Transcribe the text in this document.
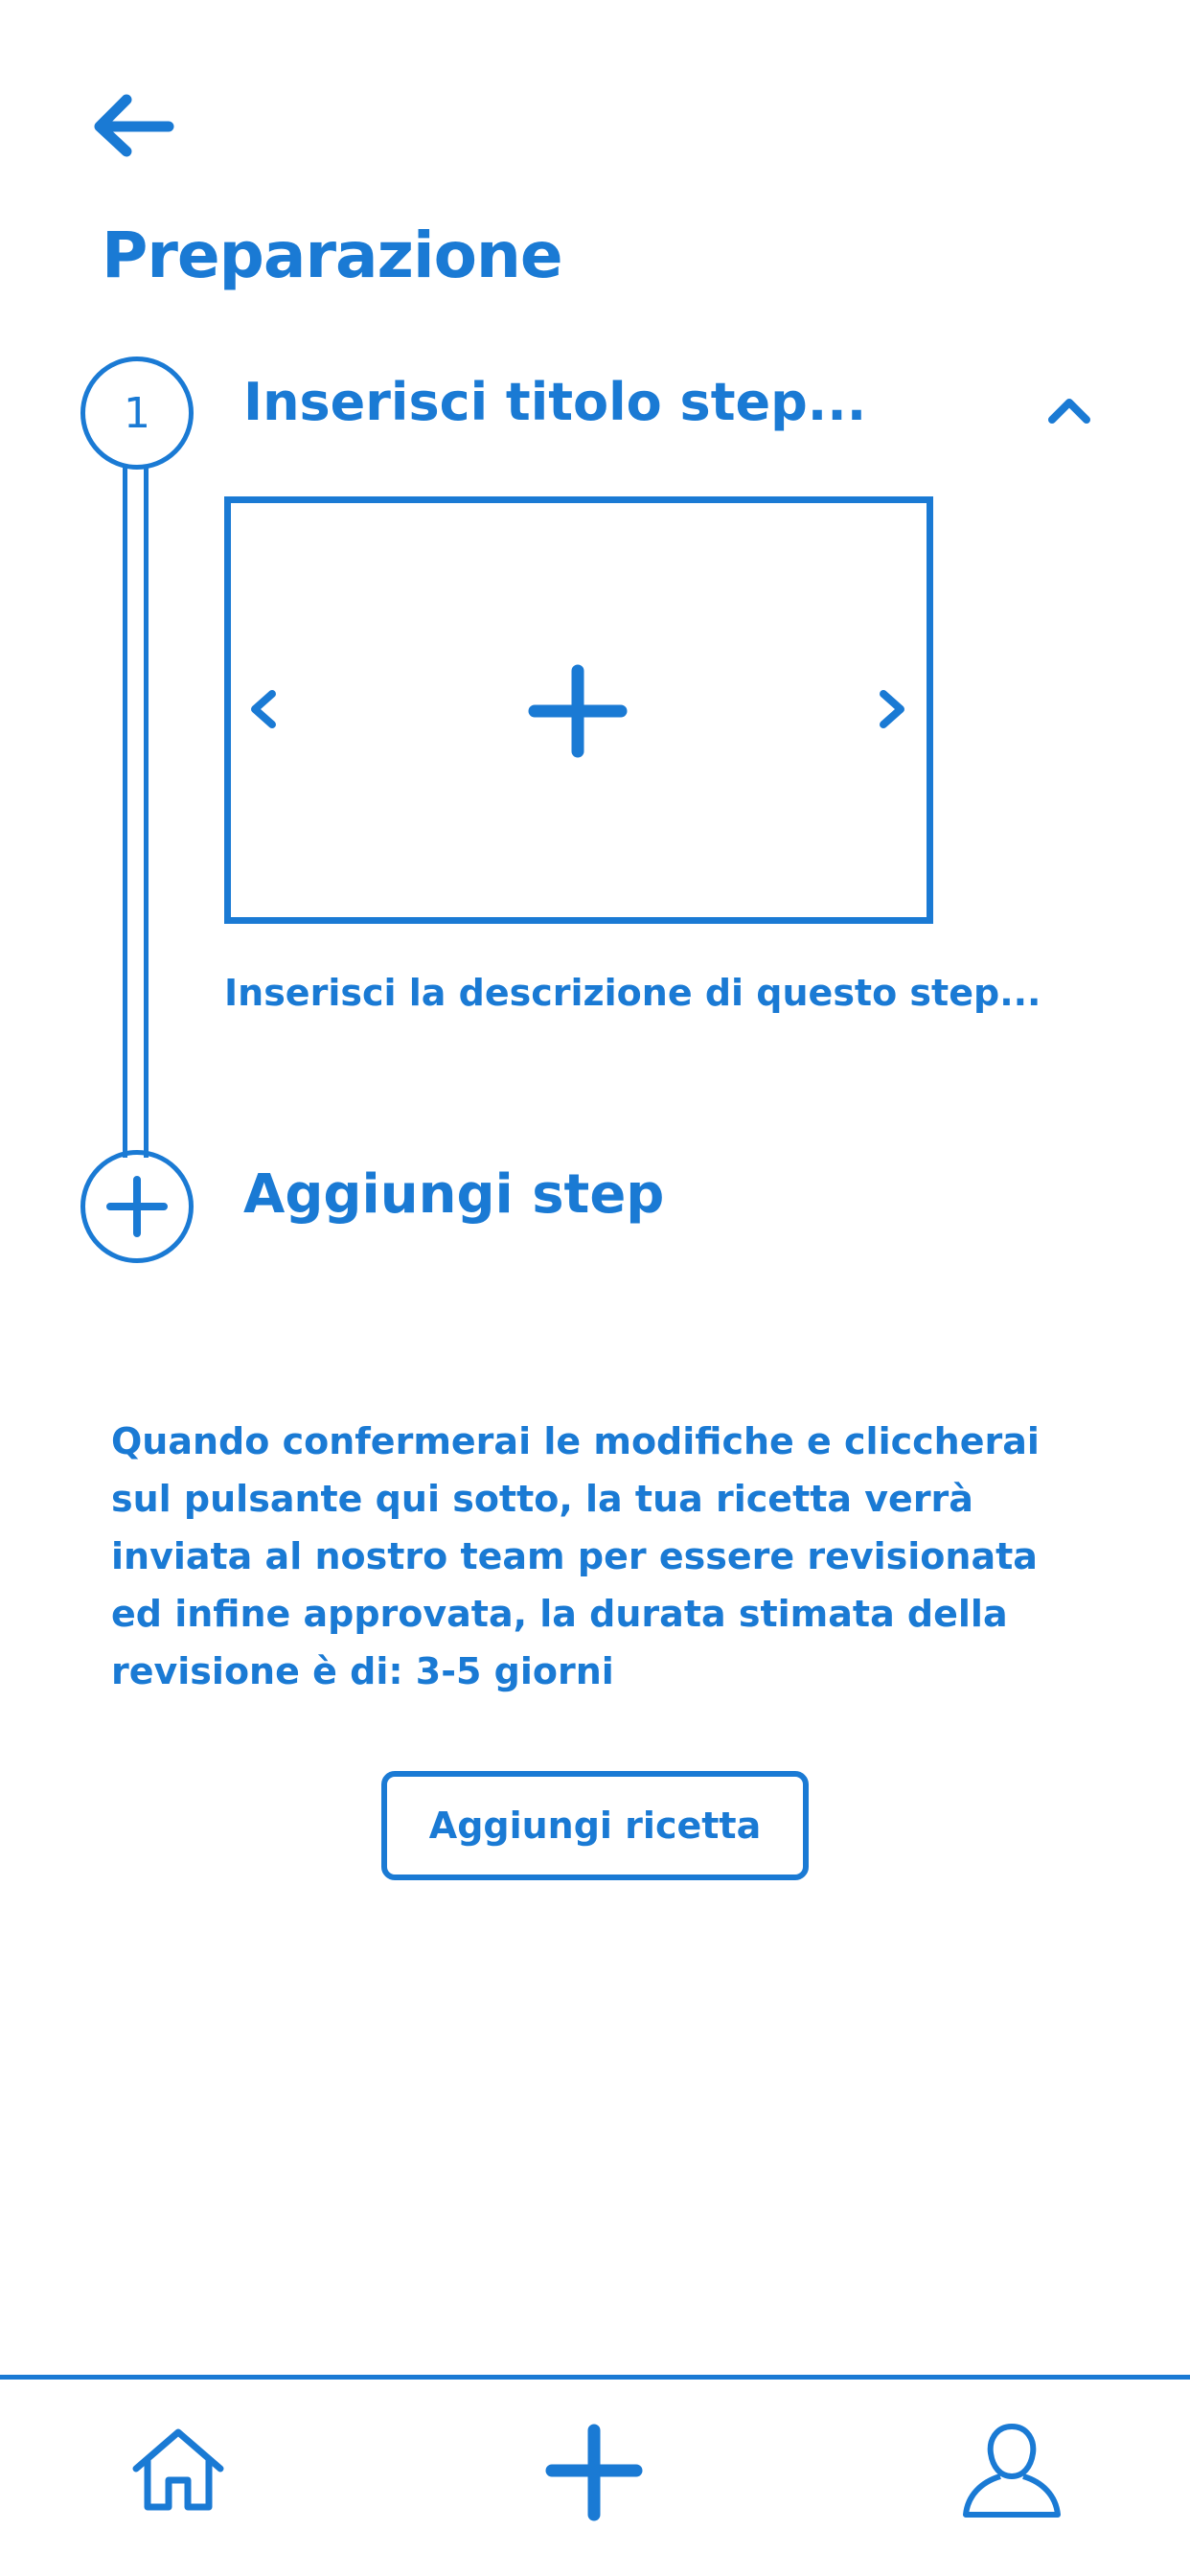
Preparazione
1 Inserisci titolo step...
Inserisci la descrizione di questo step...
Aggiungi step
Quando confermerai le modifiche e cliccherai sul pulsante qui sotto, la tua ricetta verrà inviata al nostro team per essere revisionata ed infine approvata, la durata stimata della revisione è di: 3-5 giorni
Aggiungi ricetta
